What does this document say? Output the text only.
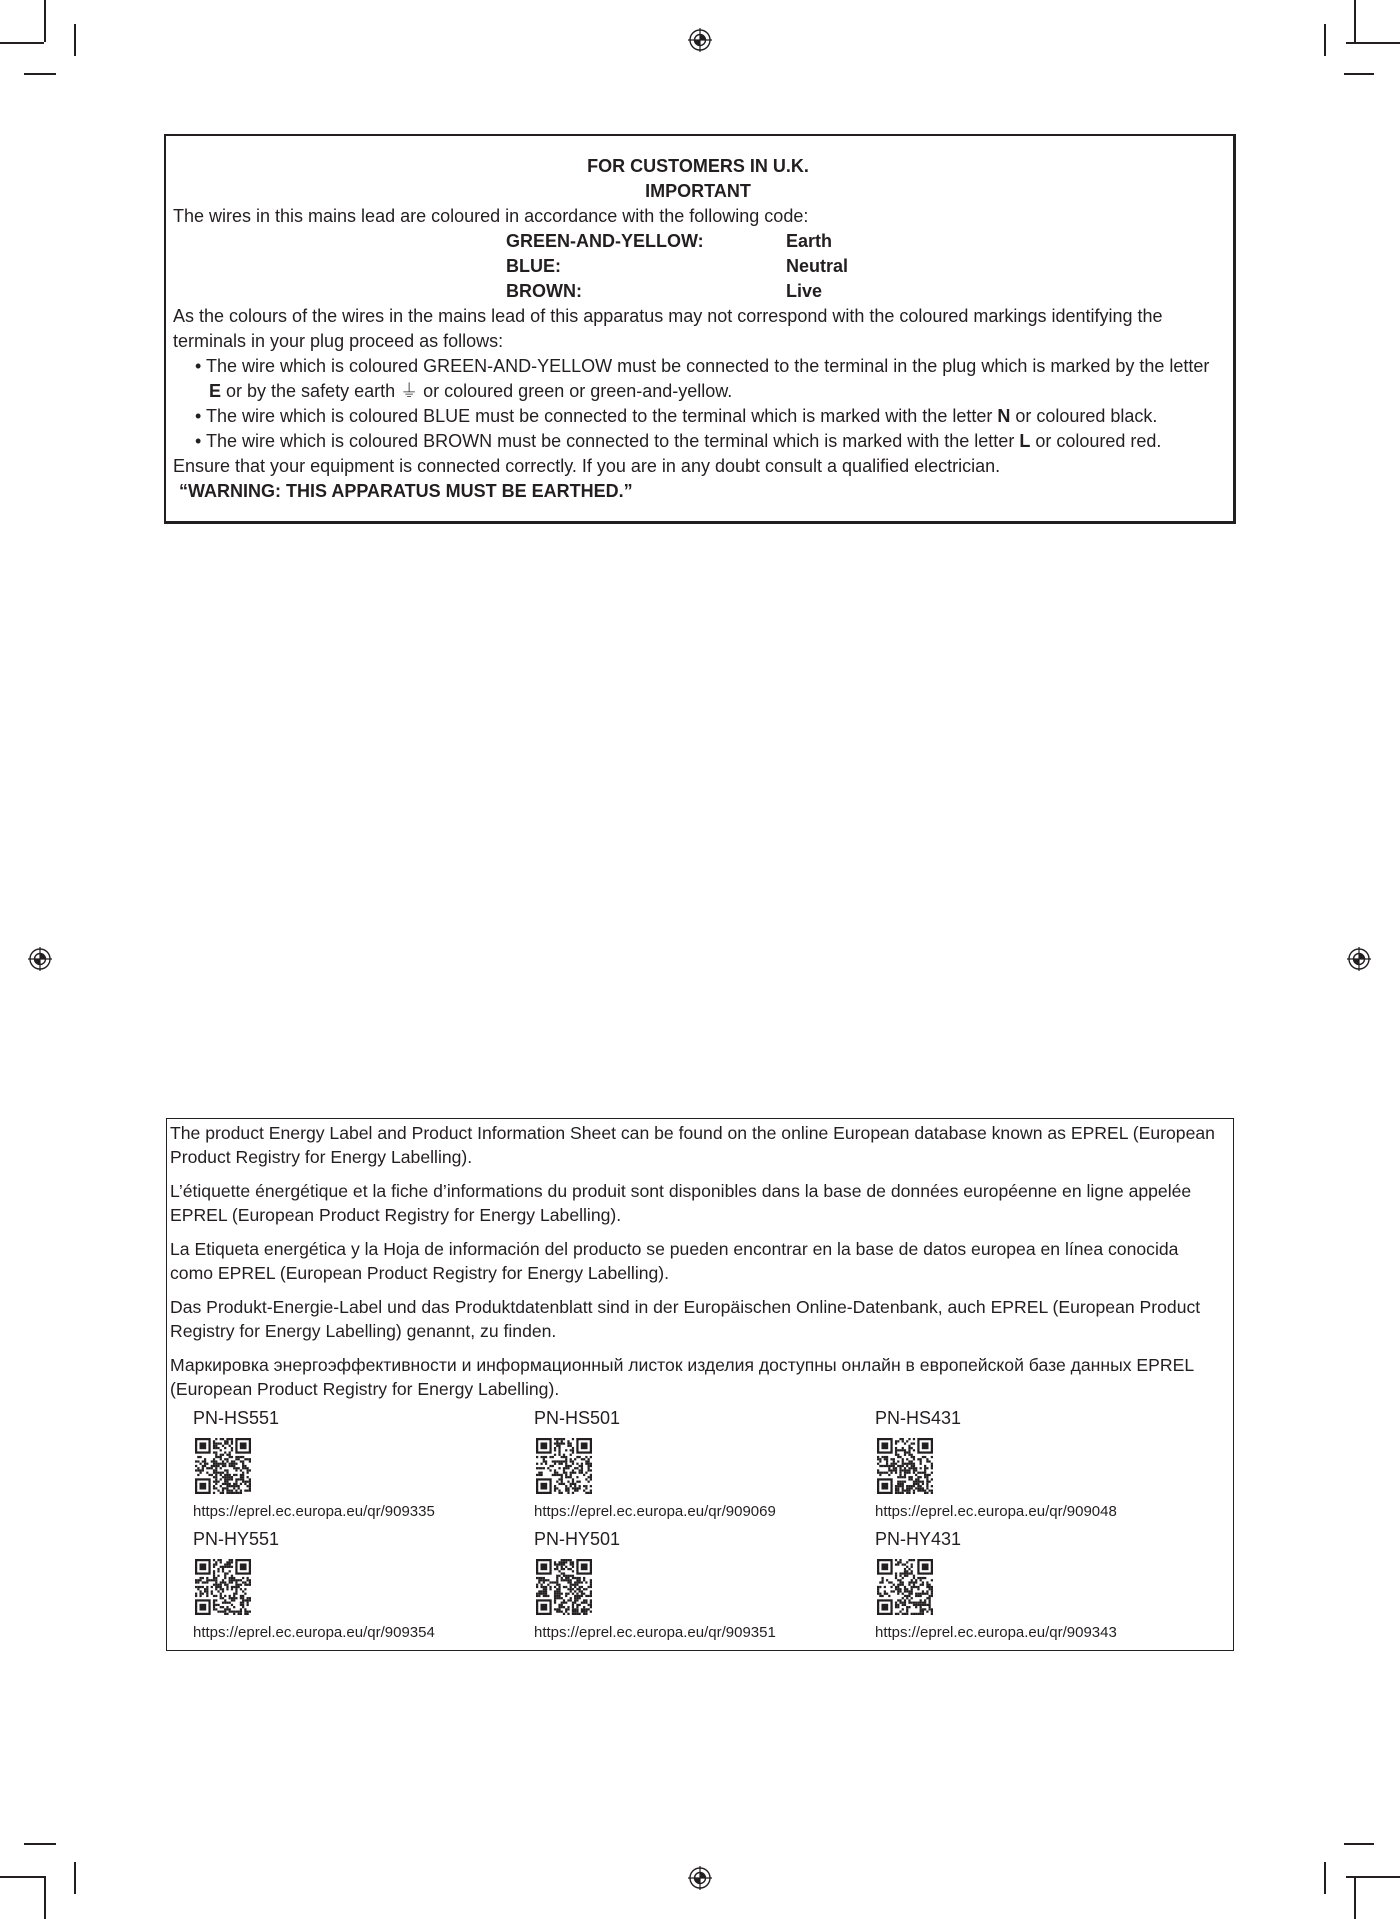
FOR CUSTOMERS IN U.K.
IMPORTANT
The wires in this mains lead are coloured in accordance with the following code:
GREEN-AND-YELLOW:	Earth
BLUE:	Neutral
BROWN:	Live
As the colours of the wires in the mains lead of this apparatus may not correspond with the coloured markings identifying the terminals in your plug proceed as follows:
• The wire which is coloured GREEN-AND-YELLOW must be connected to the terminal in the plug which is marked by the letter E or by the safety earth ⏚ or coloured green or green-and-yellow.
• The wire which is coloured BLUE must be connected to the terminal which is marked with the letter N or coloured black.
• The wire which is coloured BROWN must be connected to the terminal which is marked with the letter L or coloured red.
Ensure that your equipment is connected correctly. If you are in any doubt consult a qualified electrician.
“WARNING: THIS APPARATUS MUST BE EARTHED.”
The product Energy Label and Product Information Sheet can be found on the online European database known as EPREL (European Product Registry for Energy Labelling).
L’étiquette énergétique et la fiche d’informations du produit sont disponibles dans la base de données européenne en ligne appelée EPREL (European Product Registry for Energy Labelling).
La Etiqueta energética y la Hoja de información del producto se pueden encontrar en la base de datos europea en línea conocida como EPREL (European Product Registry for Energy Labelling).
Das Produkt-Energie-Label und das Produktdatenblatt sind in der Europäischen Online-Datenbank, auch EPREL (European Product Registry for Energy Labelling) genannt, zu finden.
Маркировка энергоэффективности и информационный листок изделия доступны онлайн в европейской базе данных EPREL (European Product Registry for Energy Labelling).
PN-HS551
https://eprel.ec.europa.eu/qr/909335
PN-HS501
https://eprel.ec.europa.eu/qr/909069
PN-HS431
https://eprel.ec.europa.eu/qr/909048
PN-HY551
https://eprel.ec.europa.eu/qr/909354
PN-HY501
https://eprel.ec.europa.eu/qr/909351
PN-HY431
https://eprel.ec.europa.eu/qr/909343
